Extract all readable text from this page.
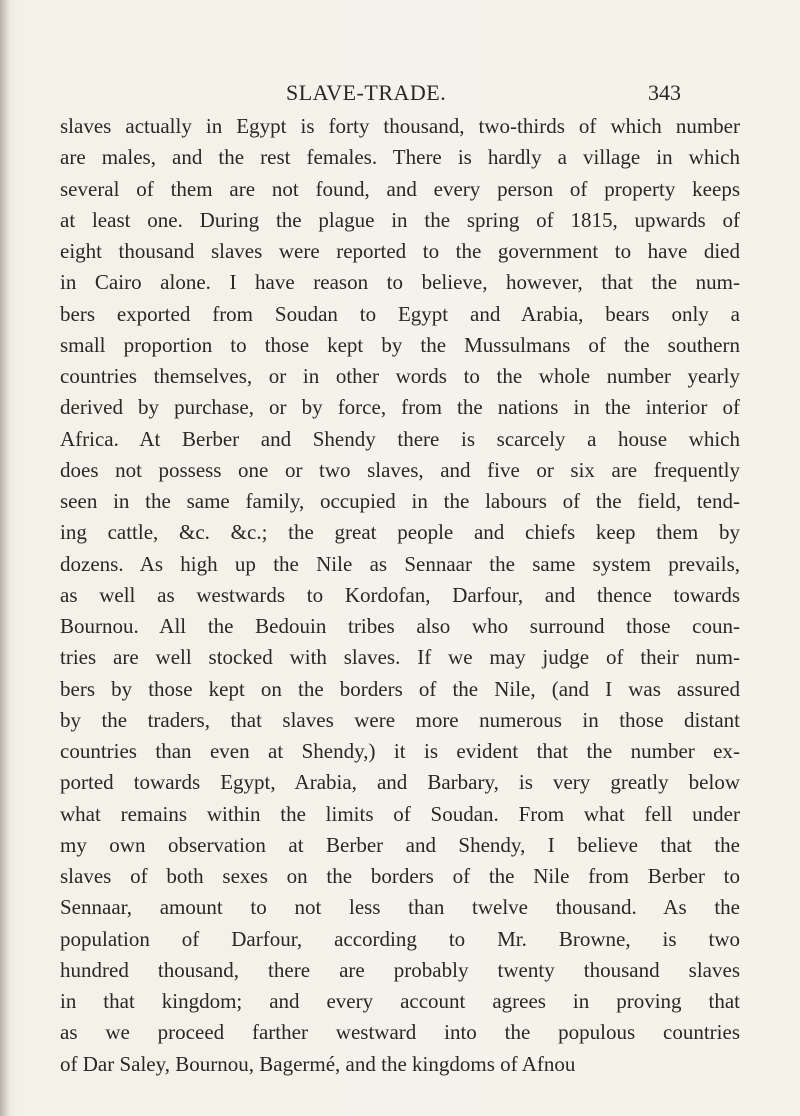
SLAVE-TRADE.	343
slaves actually in Egypt is forty thousand, two-thirds of which number
are males, and the rest females. There is hardly a village in which
several of them are not found, and every person of property keeps
at least one. During the plague in the spring of 1815, upwards of
eight thousand slaves were reported to the government to have died
in Cairo alone. I have reason to believe, however, that the num-
bers exported from Soudan to Egypt and Arabia, bears only a
small proportion to those kept by the Mussulmans of the southern
countries themselves, or in other words to the whole number yearly
derived by purchase, or by force, from the nations in the interior of
Africa. At Berber and Shendy there is scarcely a house which
does not possess one or two slaves, and five or six are frequently
seen in the same family, occupied in the labours of the field, tend-
ing cattle, &c. &c.; the great people and chiefs keep them by
dozens. As high up the Nile as Sennaar the same system prevails,
as well as westwards to Kordofan, Darfour, and thence towards
Bournou. All the Bedouin tribes also who surround those coun-
tries are well stocked with slaves. If we may judge of their num-
bers by those kept on the borders of the Nile, (and I was assured
by the traders, that slaves were more numerous in those distant
countries than even at Shendy,) it is evident that the number ex-
ported towards Egypt, Arabia, and Barbary, is very greatly below
what remains within the limits of Soudan. From what fell under
my own observation at Berber and Shendy, I believe that the
slaves of both sexes on the borders of the Nile from Berber to
Sennaar, amount to not less than twelve thousand. As the
population of Darfour, according to Mr. Browne, is two
hundred thousand, there are probably twenty thousand slaves
in that kingdom; and every account agrees in proving that
as we proceed farther westward into the populous countries
of Dar Saley, Bournou, Bagermé, and the kingdoms of Afnou
